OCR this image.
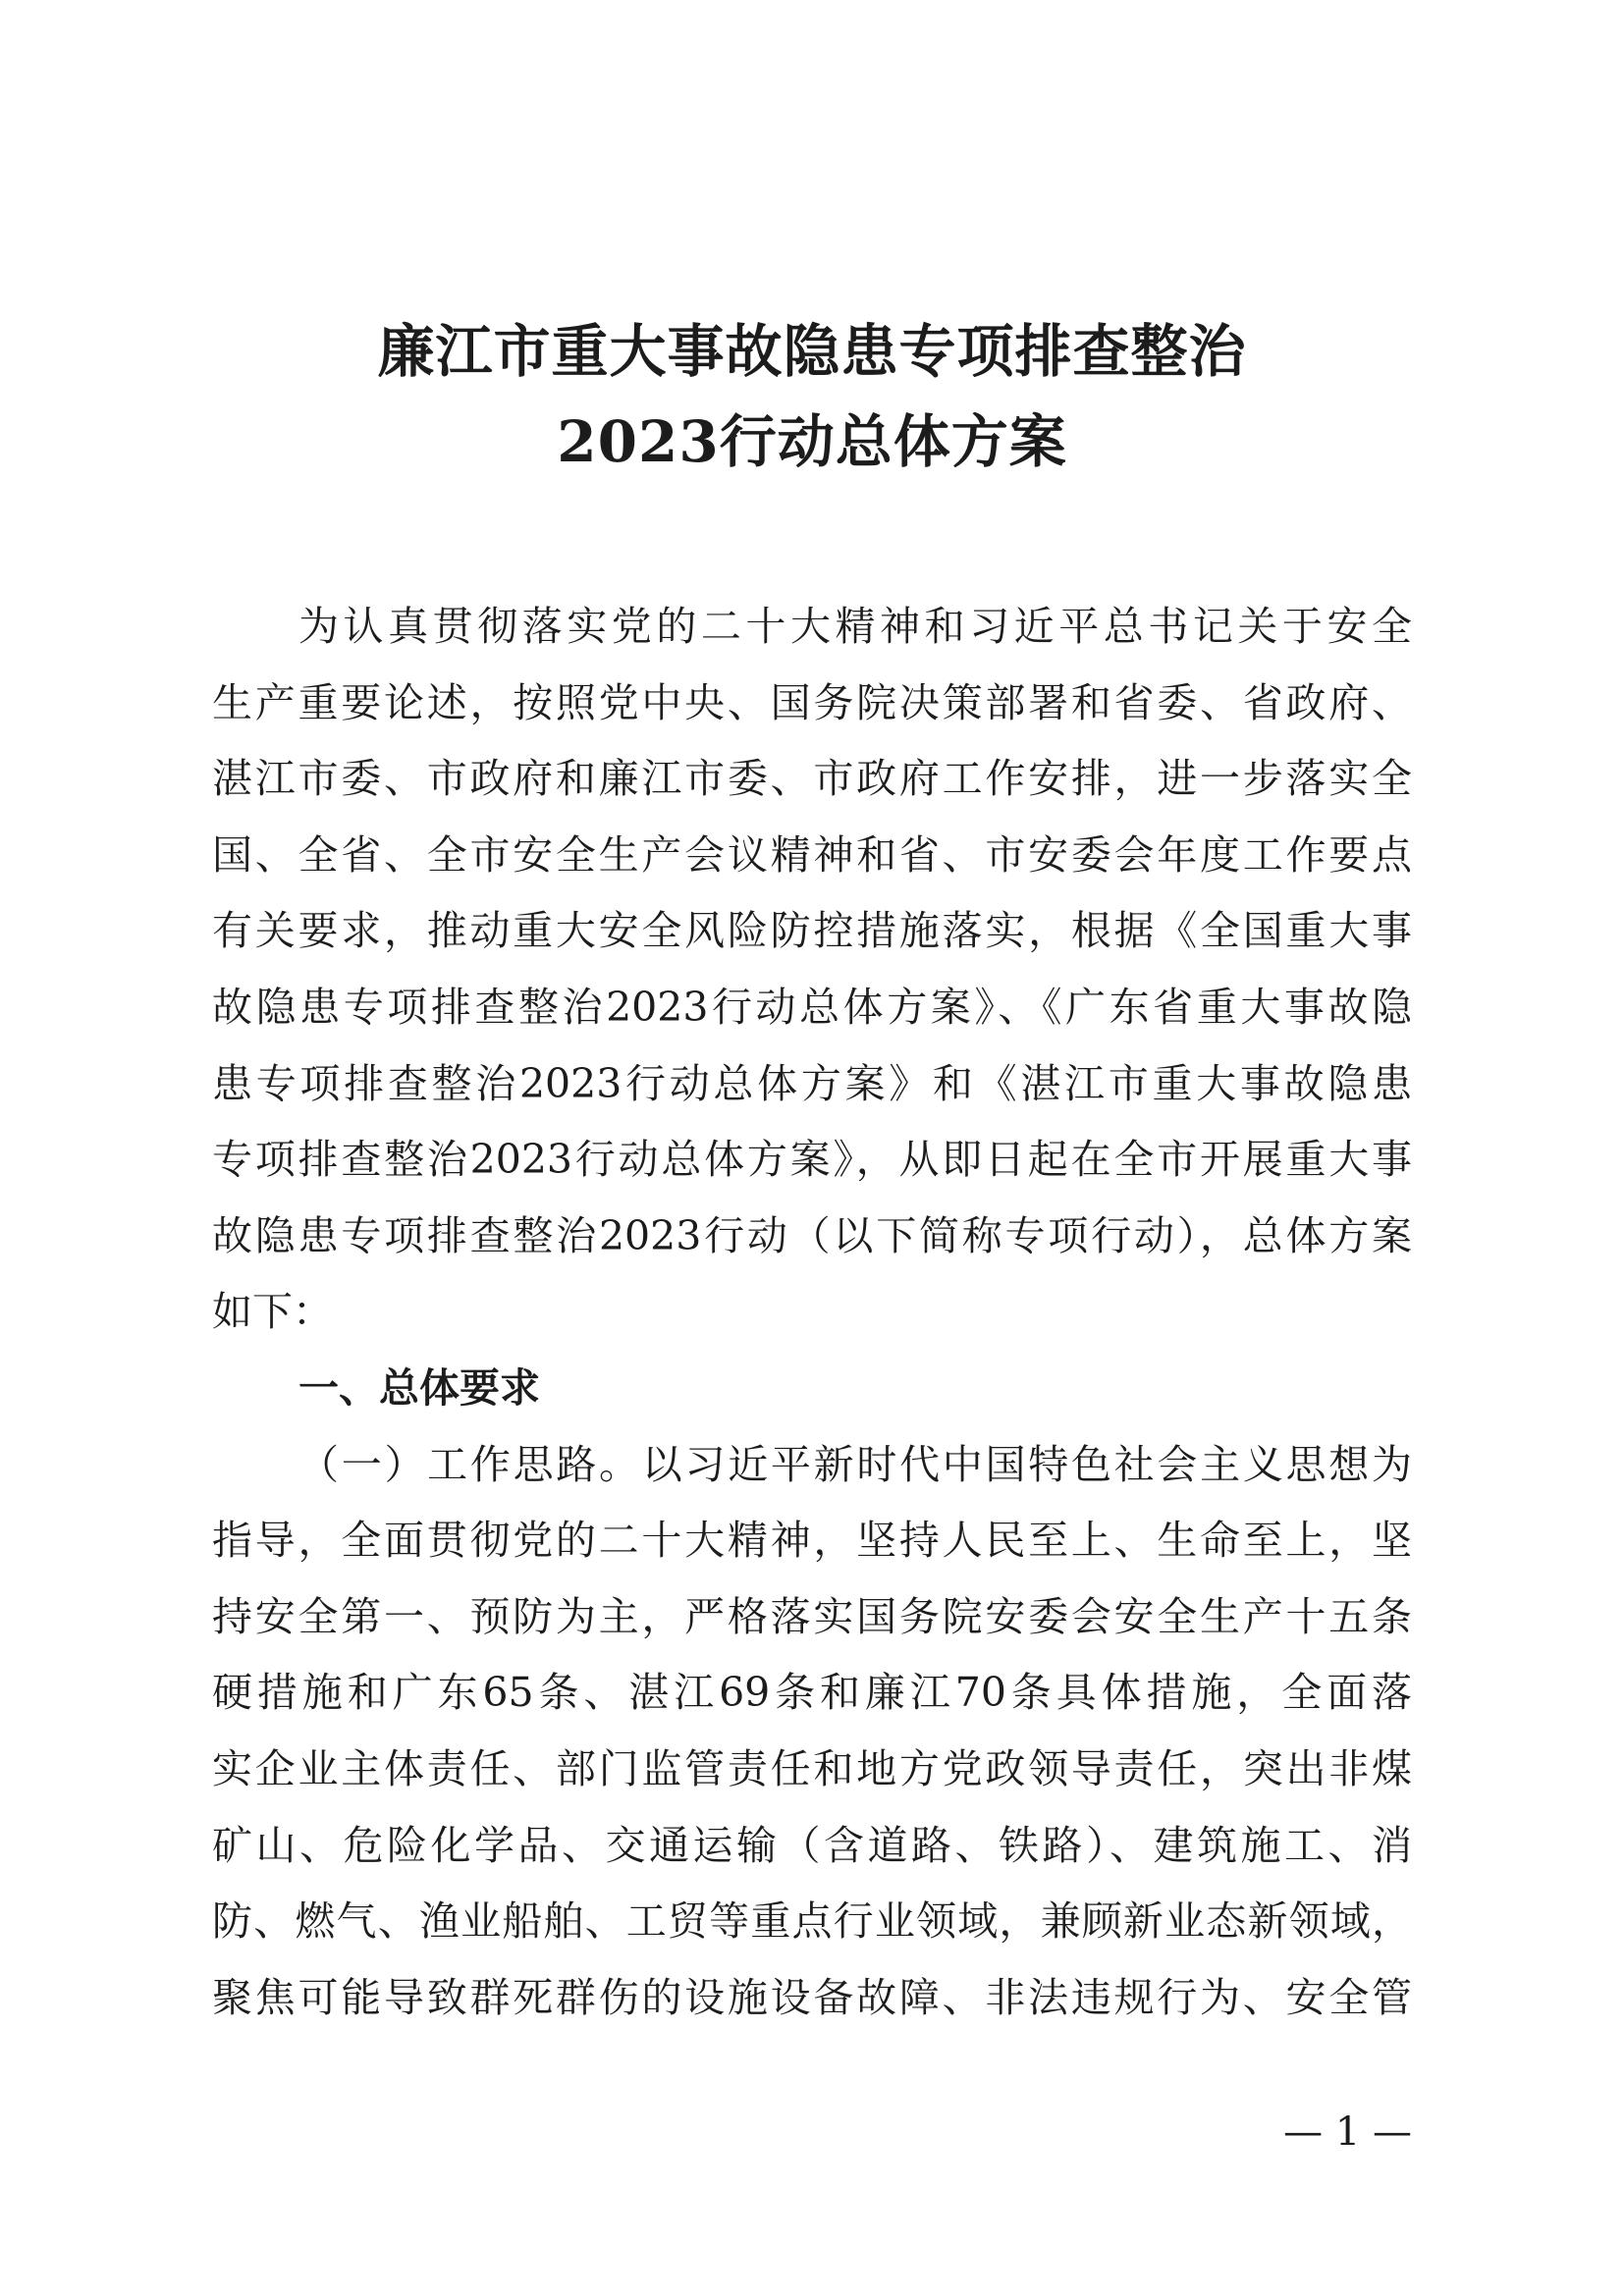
廉江市重大事故隐患专项排查整治
2023行动总体方案
为认真贯彻落实党的二十大精神和习近平总书记关于安全
生产重要论述，按照党中央、国务院决策部署和省委、省政府、
湛江市委、市政府和廉江市委、市政府工作安排，进一步落实全
国、全省、全市安全生产会议精神和省、市安委会年度工作要点
有关要求，推动重大安全风险防控措施落实，根据《全国重大事
故隐患专项排查整治2023行动总体方案》、《广东省重大事故隐
患专项排查整治2023行动总体方案》和《湛江市重大事故隐患
专项排查整治2023行动总体方案》，从即日起在全市开展重大事
故隐患专项排查整治2023行动（以下简称专项行动），总体方案
如下：
一、总体要求
（一）工作思路。以习近平新时代中国特色社会主义思想为
指导，全面贯彻党的二十大精神，坚持人民至上、生命至上，坚
持安全第一、预防为主，严格落实国务院安委会安全生产十五条
硬措施和广东65条、湛江69条和廉江70条具体措施，全面落
实企业主体责任、部门监管责任和地方党政领导责任，突出非煤
矿山、危险化学品、交通运输（含道路、铁路）、建筑施工、消
防、燃气、渔业船舶、工贸等重点行业领域，兼顾新业态新领域，
聚焦可能导致群死群伤的设施设备故障、非法违规行为、安全管
— 1 —
